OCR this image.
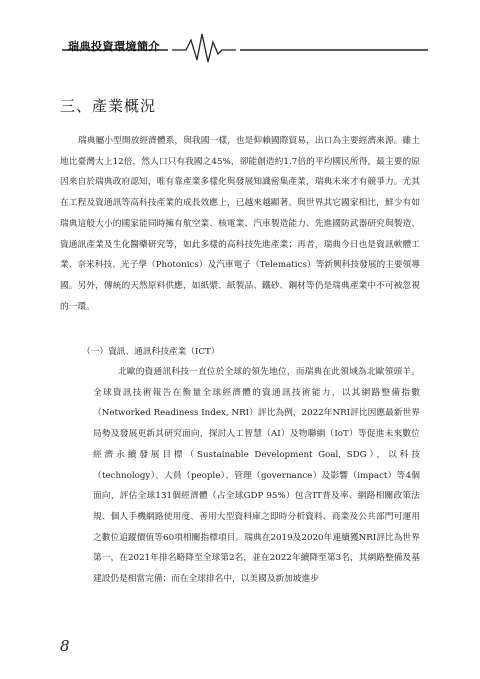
瑞典投資環境簡介
三、產業概況
瑞典屬小型開放經濟體系，與我國一樣，也是仰賴國際貿易，出口為主要經濟來源。雖土地比臺灣大上12倍，然人口只有我國之45%，卻能創造約1.7倍的平均國民所得，最主要的原因來自於瑞典政府認知，唯有靠產業多樣化與發展知識密集產業，瑞典未來才有競爭力。尤其在工程及資通訊等高科技產業的成長效應上，已越來越顯著。與世界其它國家相比，鮮少有如瑞典這般大小的國家能同時擁有航空業、核電業、汽車製造能力、先進國防武器研究與製造、資通訊產業及生化醫藥研究等，如此多樣的高科技先進產業；再者，瑞典今日也是資訊軟體工業、奈米科技、光子學（Photonics）及汽車電子（Telematics）等新興科技發展的主要領導國。另外，傳統的天然原料供應，如紙漿、紙製品、鐵砂、鋼材等仍是瑞典產業中不可被忽視的一環。
（一）資訊、通訊科技產業（ICT）
北歐的資通訊科技一直位於全球的領先地位，而瑞典在此領域為北歐領頭羊。全球資訊技術報告在衡量全球經濟體的資通訊技術能力，以其網路整備指數（Networked Readiness Index, NRI）評比為例，2022年NRI評比因應最新世界局勢及發展更新其研究面向，探討人工智慧（AI）及物聯網（IoT）等促進未來數位經濟永續發展目標（Sustainable Development Goal, SDG），以科技（technology）、人員（people）、管理（governance）及影響（impact）等4個面向，評估全球131個經濟體（占全球GDP 95%）包含IT普及率、網路相關政策法規、個人手機網路使用度、善用大型資料庫之即時分析資料、商業及公共部門可運用之數位追蹤價值等60項相關指標項目。瑞典在2019及2020年連續獲NRI評比為世界第一，在2021年排名略降至全球第2名，並在2022年續降至第3名，其網路整備及基建設仍是相當完備；而在全球排名中，以美國及新加坡進步
8
